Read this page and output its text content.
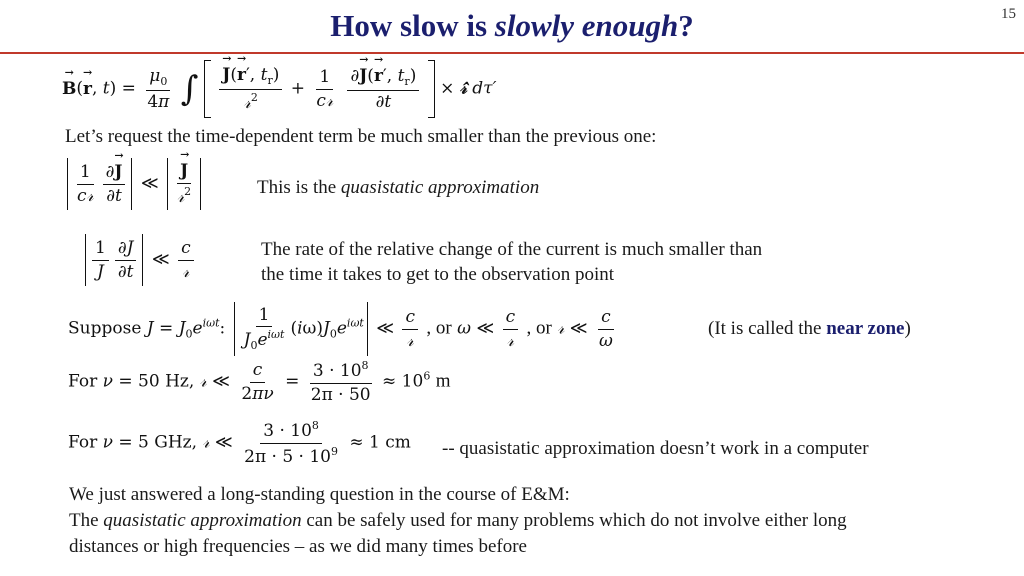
15
How slow is slowly enough?
→ B(→ r, $t) = \frac{\mu_0}{4\pi}$ ∫ → $\frac{J(\to r', t_r)}{𝓇^2} + \frac{1}{\text{c𝓇}}$
$\frac{\partial\to J(\to r', t_r)}{\partial t}$ × 𝓇̂ dτ′
Let’s request the time-dependent term be much smaller than the previous one:
$\frac{1}{\text{c𝓇}} \frac{\partial\to J}{\partial t}$ ≪ → $\frac{J}{𝓇^2}$	This is the quasistatic approximation
$\frac{1}{J} \frac{\partial J}{\partial t}$ ≪ $\frac{c}{\text{𝓇}}$	The rate of the relative change of the current is much smaller than
the time it takes to get to the observation point
Suppose $J = J_0e^{i\omega t}$: $\frac{1}{J_0e^{i\omega t}} (i\omega)J_0e^{i\omega t}$ ≪ $\frac{c}{\text{𝓇}}$ , or ω ≪ $\frac{c}{\text{𝓇}}$ , or 𝓇 ≪ $\frac{c}{\omega}$	(It is called the near zone)
For ν = 50 Hz, 𝓇 ≪ $\frac{c}{2\pi\nu} = \frac{3 \cdot 10^8}{2\pi \cdot 50} \approx 10^6$ m
For ν = 5 GHz, 𝓇 ≪ $\frac{3 \cdot 10^8}{2\pi \cdot 5 \cdot 10^9} \approx 1$ cm -- quasistatic approximation doesn’t work in a computer
We just answered a long-standing question in the course of E&M:
The quasistatic approximation can be safely used for many problems which do not involve either long
distances or high frequencies – as we did many times before
